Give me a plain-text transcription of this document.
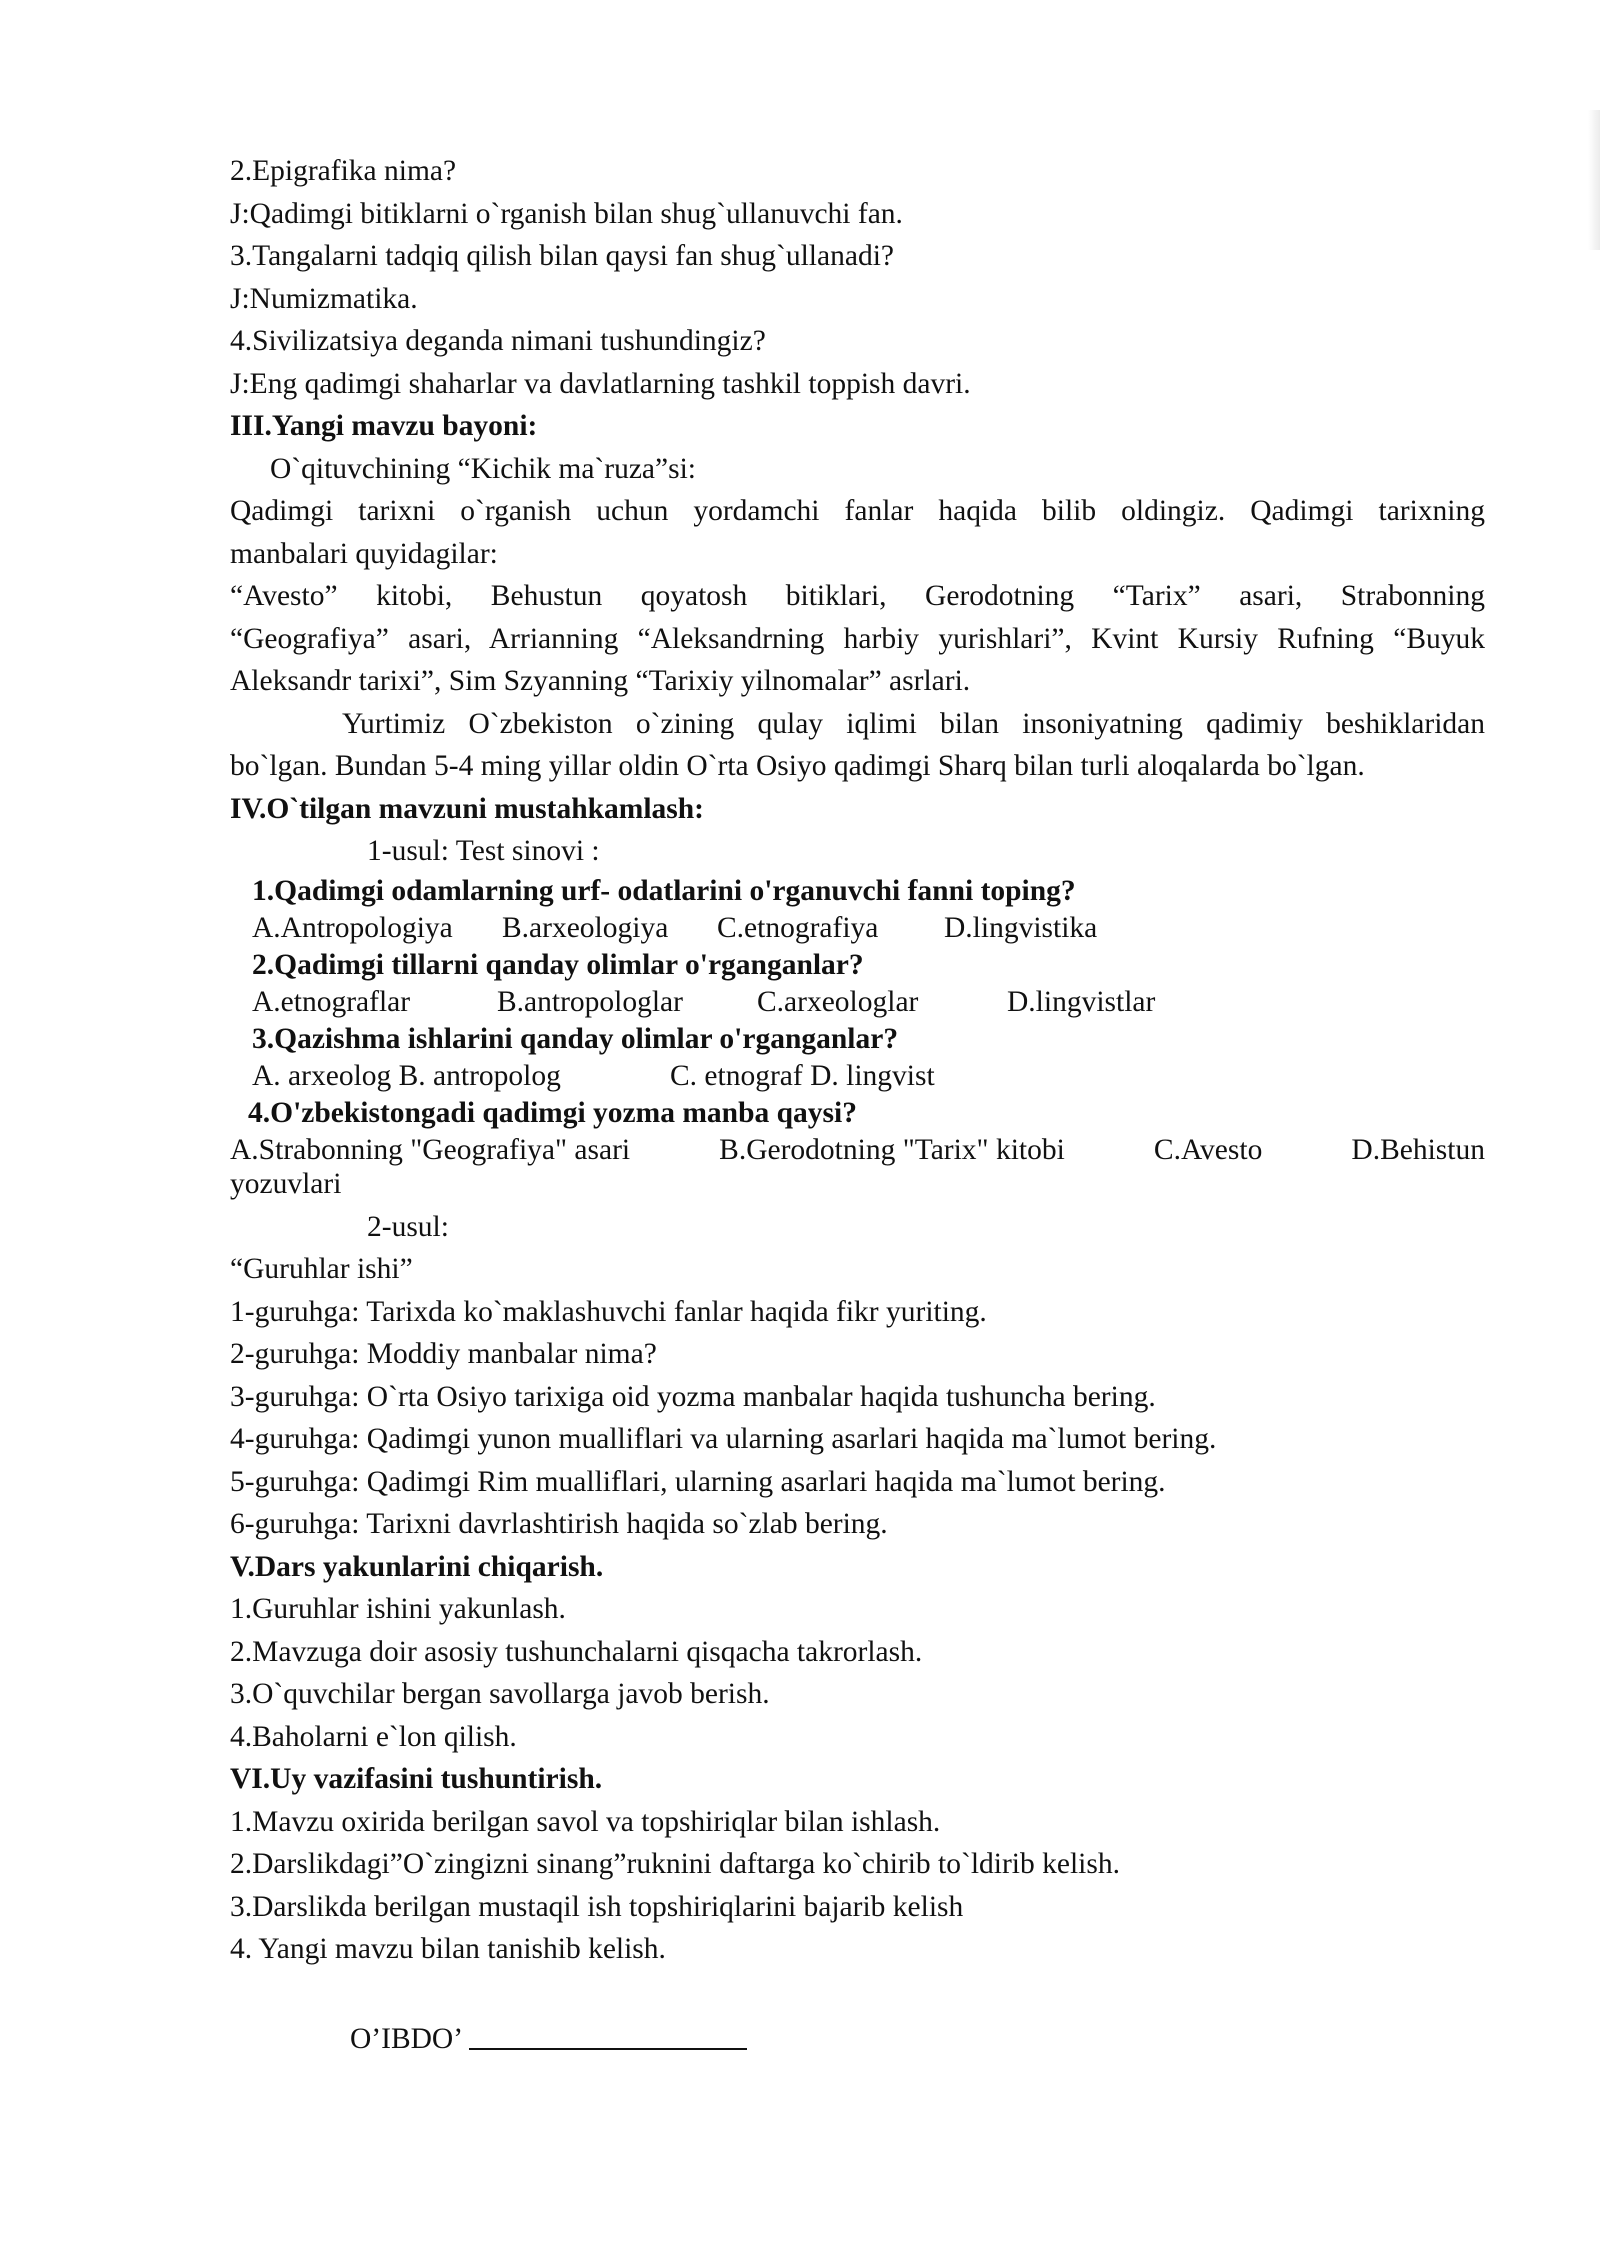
2.Epigrafika nima?
J:Qadimgi bitiklarni o`rganish bilan shug`ullanuvchi fan.
3.Tangalarni tadqiq qilish bilan qaysi fan shug`ullanadi?
J:Numizmatika.
4.Sivilizatsiya deganda nimani tushundingiz?
J:Eng qadimgi shaharlar va davlatlarning tashkil toppish davri.
III.Yangi mavzu bayoni:
O`qituvchining “Kichik ma`ruza”si:
Qadimgi tarixni o`rganish uchun yordamchi fanlar haqida bilib oldingiz. Qadimgi tarixning
manbalari quyidagilar:
“Avesto” kitobi, Behustun qoyatosh bitiklari, Gerodotning “Tarix” asari, Strabonning
“Geografiya” asari, Arrianning “Aleksandrning harbiy yurishlari”, Kvint Kursiy Rufning “Buyuk
Aleksandr tarixi”, Sim Szyanning “Tarixiy yilnomalar” asrlari.
Yurtimiz O`zbekiston o`zining qulay iqlimi bilan insoniyatning qadimiy beshiklaridan
bo`lgan. Bundan 5-4 ming yillar oldin O`rta Osiyo qadimgi Sharq bilan turli aloqalarda bo`lgan.
IV.O`tilgan mavzuni mustahkamlash:
1-usul: Test sinovi :
1.Qadimgi odamlarning urf- odatlarini o'rganuvchi fanni toping?
A.Antropologiya B.arxeologiya C.etnografiya D.lingvistika
2.Qadimgi tillarni qanday olimlar o'rganganlar?
A.etnograflar	B.antropologlar	C.arxeologlar	D.lingvistlar
3.Qazishma ishlarini qanday olimlar o'rganganlar?
A. arxeolog B. antropolog	C. etnograf D. lingvist
4.O'zbekistongadi qadimgi yozma manba qaysi?
A.Strabonning "Geografiya" asari	B.Gerodotning "Tarix" kitobi	C.Avesto	D.Behistun
yozuvlari
2-usul:
“Guruhlar ishi”
1-guruhga: Tarixda ko`maklashuvchi fanlar haqida fikr yuriting.
2-guruhga: Moddiy manbalar nima?
3-guruhga: O`rta Osiyo tarixiga oid yozma manbalar haqida tushuncha bering.
4-guruhga: Qadimgi yunon mualliflari va ularning asarlari haqida ma`lumot bering.
5-guruhga: Qadimgi Rim mualliflari, ularning asarlari haqida ma`lumot bering.
6-guruhga: Tarixni davrlashtirish haqida so`zlab bering.
V.Dars yakunlarini chiqarish.
1.Guruhlar ishini yakunlash.
2.Mavzuga doir asosiy tushunchalarni qisqacha takrorlash.
3.O`quvchilar bergan savollarga javob berish.
4.Baholarni e`lon qilish.
VI.Uy vazifasini tushuntirish.
1.Mavzu oxirida berilgan savol va topshiriqlar bilan ishlash.
2.Darslikdagi”O`zingizni sinang”ruknini daftarga ko`chirib to`ldirib kelish.
3.Darslikda berilgan mustaqil ish topshiriqlarini bajarib kelish
4. Yangi mavzu bilan tanishib kelish.
O’IBDO’
